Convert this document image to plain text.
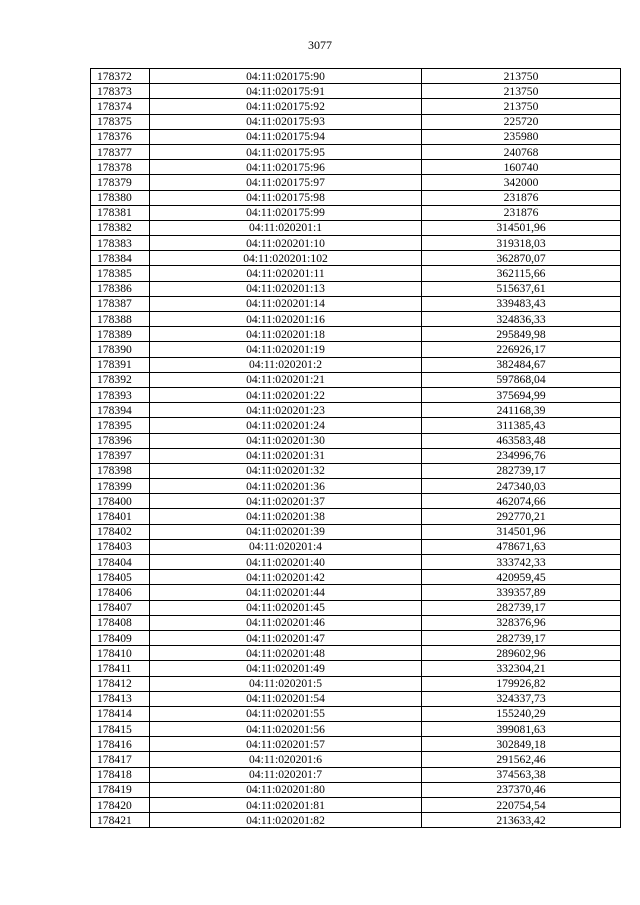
3077
178372	04:11:020175:90	213750
178373	04:11:020175:91	213750
178374	04:11:020175:92	213750
178375	04:11:020175:93	225720
178376	04:11:020175:94	235980
178377	04:11:020175:95	240768
178378	04:11:020175:96	160740
178379	04:11:020175:97	342000
178380	04:11:020175:98	231876
178381	04:11:020175:99	231876
178382	04:11:020201:1	314501,96
178383	04:11:020201:10	319318,03
178384	04:11:020201:102	362870,07
178385	04:11:020201:11	362115,66
178386	04:11:020201:13	515637,61
178387	04:11:020201:14	339483,43
178388	04:11:020201:16	324836,33
178389	04:11:020201:18	295849,98
178390	04:11:020201:19	226926,17
178391	04:11:020201:2	382484,67
178392	04:11:020201:21	597868,04
178393	04:11:020201:22	375694,99
178394	04:11:020201:23	241168,39
178395	04:11:020201:24	311385,43
178396	04:11:020201:30	463583,48
178397	04:11:020201:31	234996,76
178398	04:11:020201:32	282739,17
178399	04:11:020201:36	247340,03
178400	04:11:020201:37	462074,66
178401	04:11:020201:38	292770,21
178402	04:11:020201:39	314501,96
178403	04:11:020201:4	478671,63
178404	04:11:020201:40	333742,33
178405	04:11:020201:42	420959,45
178406	04:11:020201:44	339357,89
178407	04:11:020201:45	282739,17
178408	04:11:020201:46	328376,96
178409	04:11:020201:47	282739,17
178410	04:11:020201:48	289602,96
178411	04:11:020201:49	332304,21
178412	04:11:020201:5	179926,82
178413	04:11:020201:54	324337,73
178414	04:11:020201:55	155240,29
178415	04:11:020201:56	399081,63
178416	04:11:020201:57	302849,18
178417	04:11:020201:6	291562,46
178418	04:11:020201:7	374563,38
178419	04:11:020201:80	237370,46
178420	04:11:020201:81	220754,54
178421	04:11:020201:82	213633,42
